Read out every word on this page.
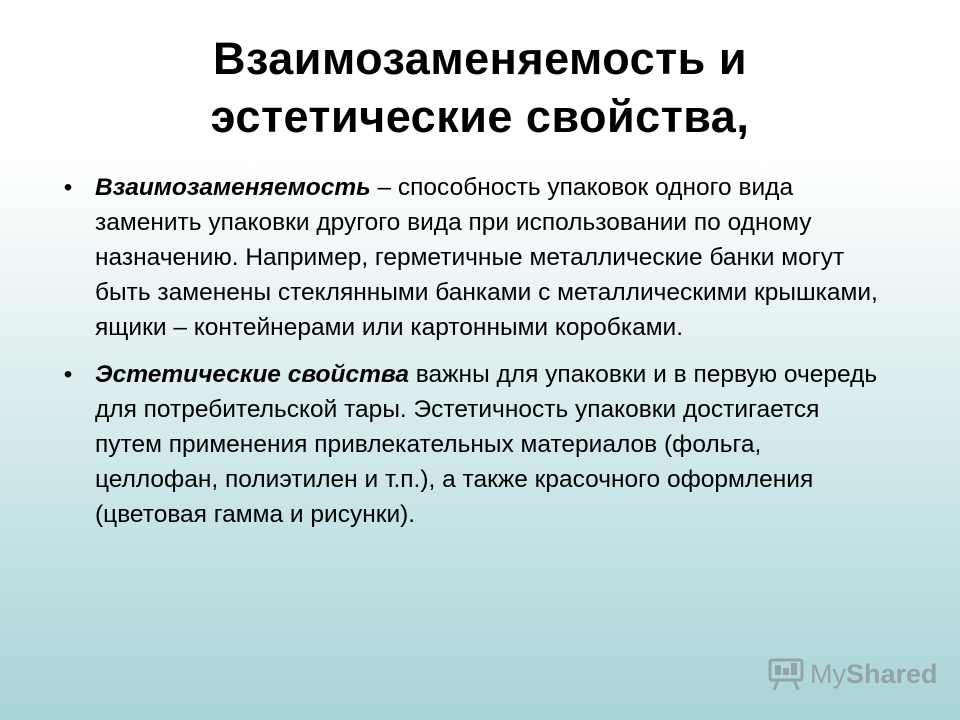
Взаимозаменяемость и
эстетические свойства,
• Взаимозаменяемость – способность упаковок одного вида заменить упаковки другого вида при использовании по одному назначению. Например, герметичные металлические банки могут быть заменены стеклянными банками с металлическими крышками, ящики – контейнерами или картонными коробками.
• Эстетические свойства важны для упаковки и в первую очередь для потребительской тары. Эстетичность упаковки достигается путем применения привлекательных материалов (фольга, целлофан, полиэтилен и т.п.), а также красочного оформления (цветовая гамма и рисунки).
My Shared
